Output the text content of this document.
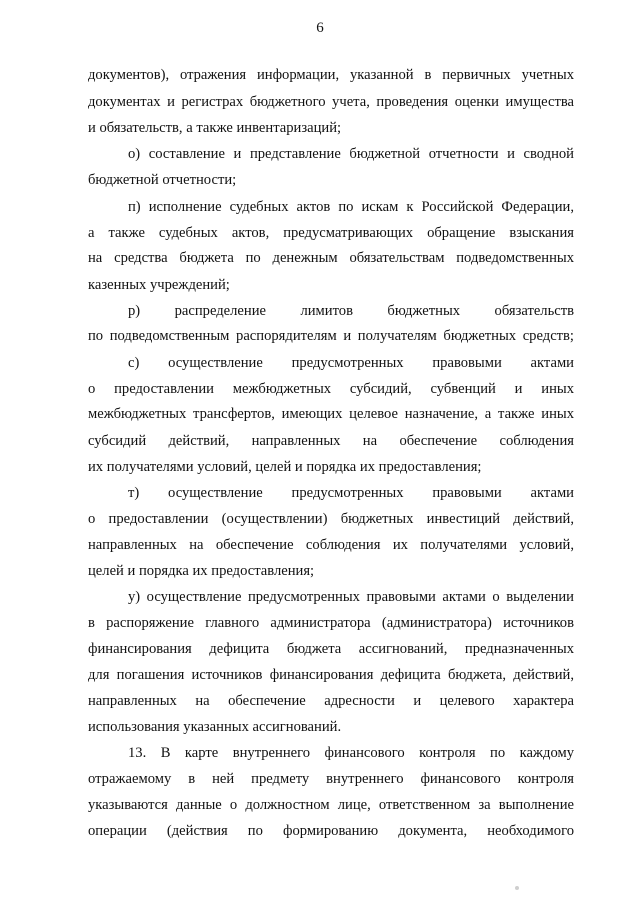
6
документов), отражения информации, указанной в первичных учетных
документах и регистрах бюджетного учета, проведения оценки имущества
и обязательств, а также инвентаризаций;
о) составление и представление бюджетной отчетности и сводной
бюджетной отчетности;
п) исполнение судебных актов по искам к Российской Федерации,
а также судебных актов, предусматривающих обращение взыскания
на средства бюджета по денежным обязательствам подведомственных
казенных учреждений;
р) распределение лимитов бюджетных обязательств
по подведомственным распорядителям и получателям бюджетных средств;
с) осуществление предусмотренных правовыми актами
о предоставлении межбюджетных субсидий, субвенций и иных
межбюджетных трансфертов, имеющих целевое назначение, а также иных
субсидий действий, направленных на обеспечение соблюдения
их получателями условий, целей и порядка их предоставления;
т) осуществление предусмотренных правовыми актами
о предоставлении (осуществлении) бюджетных инвестиций действий,
направленных на обеспечение соблюдения их получателями условий,
целей и порядка их предоставления;
у) осуществление предусмотренных правовыми актами о выделении
в распоряжение главного администратора (администратора) источников
финансирования дефицита бюджета ассигнований, предназначенных
для погашения источников финансирования дефицита бюджета, действий,
направленных на обеспечение адресности и целевого характера
использования указанных ассигнований.
13. В карте внутреннего финансового контроля по каждому
отражаемому в ней предмету внутреннего финансового контроля
указываются данные о должностном лице, ответственном за выполнение
операции (действия по формированию документа, необходимого
